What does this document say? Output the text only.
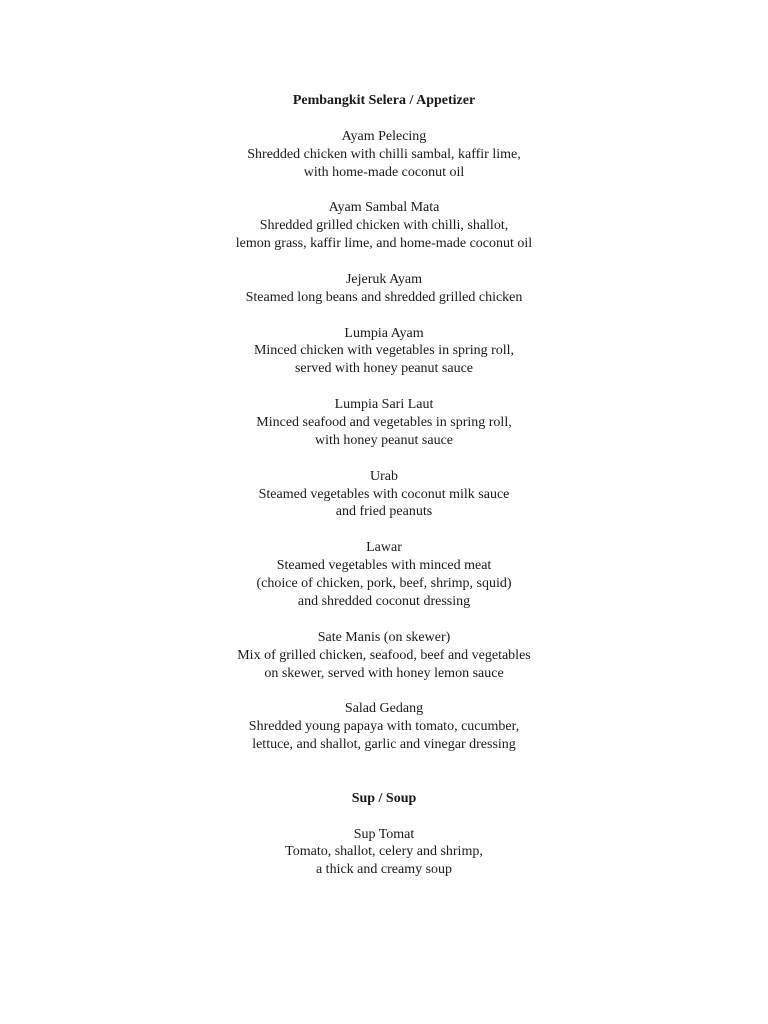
Pembangkit Selera / Appetizer
Ayam Pelecing
Shredded chicken with chilli sambal, kaffir lime,
with home-made coconut oil
Ayam Sambal Mata
Shredded grilled chicken with chilli, shallot,
lemon grass, kaffir lime, and home-made coconut oil
Jejeruk Ayam
Steamed long beans and shredded grilled chicken
Lumpia Ayam
Minced chicken with vegetables in spring roll,
served with honey peanut sauce
Lumpia Sari Laut
Minced seafood and vegetables in spring roll,
with honey peanut sauce
Urab
Steamed vegetables with coconut milk sauce
and fried peanuts
Lawar
Steamed vegetables with minced meat
(choice of chicken, pork, beef, shrimp, squid)
and shredded coconut dressing
Sate Manis (on skewer)
Mix of grilled chicken, seafood, beef and vegetables
on skewer, served with honey lemon sauce
Salad Gedang
Shredded young papaya with tomato, cucumber,
lettuce, and shallot, garlic and vinegar dressing
Sup / Soup
Sup Tomat
Tomato, shallot, celery and shrimp,
a thick and creamy soup
